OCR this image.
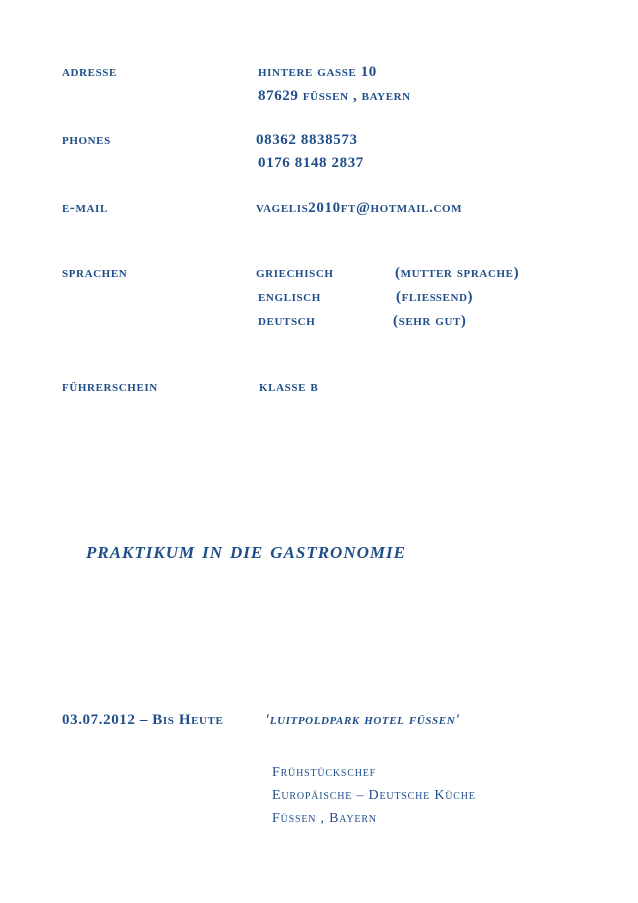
adresse	hintere gasse 10
87629 füssen , bayern
phones	08362 8838573
0176 8148 2837
e-mail	vagelis2010ft@hotmail.com
sprachen	griechisch	(mutter sprache)
englisch	(fließend)
deutsch	(sehr gut)
führerschein	klasse b
praktikum in die gastronomie
03.07.2012 – Bis Heute	'luitpoldpark hotel füssen'
Frühstückschef
Europäische – Deutsche Küche
Füssen , Bayern
